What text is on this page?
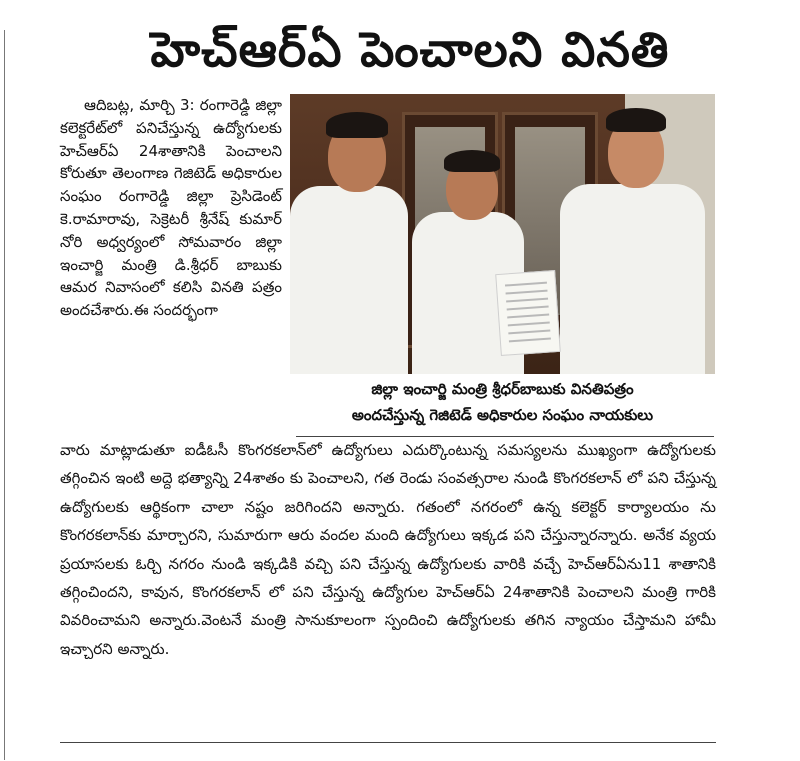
హెచ్ఆర్ఏ పెంచాలని వినతి

ఆదిబట్ల, మార్చి 3: రంగారెడ్డి జిల్లా కలెక్టరేట్‌లో పనిచేస్తున్న ఉద్యోగులకు హెచ్ఆర్ఏ 24శాతానికి పెంచాలని కోరుతూ తెలంగాణ గెజిటెడ్ అధికారుల సంఘం రంగారెడ్డి జిల్లా ప్రెసిడెంట్ కె.రామారావు, సెక్రెటరీ శ్రీనేష్ కుమార్ నోరి అధ్వర్యంలో సోమవారం జిల్లా ఇంచార్జి మంత్రి డి.శ్రీధర్ బాబుకు ఆమర నివాసంలో కలిసి వినతి పత్రం అందచేశారు.ఈ సందర్భంగా

జిల్లా ఇంచార్జి మంత్రి శ్రీధర్‌బాబుకు వినతిపత్రం
అందచేస్తున్న గెజిటెడ్ అధికారుల సంఘం నాయకులు

వారు మాట్లాడుతూ ఐడీఓసీ కొంగరకలాన్‌లో ఉద్యోగులు ఎదుర్కొంటున్న సమస్యలను ముఖ్యంగా ఉద్యోగులకు తగ్గించిన ఇంటి అద్దె భత్యాన్ని 24శాతం కు పెంచాలని, గత రెండు సంవత్సరాల నుండి కొంగరకలాన్ లో పని చేస్తున్న ఉద్యోగులకు ఆర్థికంగా చాలా నష్టం జరిగిందని అన్నారు. గతంలో నగరంలో ఉన్న కలెక్టర్ కార్యాలయం ను కొంగరకలాన్‌కు మార్చారని, సుమారుగా ఆరు వందల మంది ఉద్యోగులు ఇక్కడ పని చేస్తున్నారన్నారు. అనేక వ్యయ ప్రయాసలకు ఓర్చి నగరం నుండి ఇక్కడికి వచ్చి పని చేస్తున్న ఉద్యోగులకు వారికి వచ్చే హెచ్ఆర్ఏను11 శాతానికి తగ్గించిందని, కావున, కొంగరకలాన్ లో పని చేస్తున్న ఉద్యోగుల హెచ్ఆర్ఏ 24శాతానికి పెంచాలని మంత్రి గారికి వివరించామని అన్నారు.వెంటనే మంత్రి సానుకూలంగా స్పందించి ఉద్యోగులకు తగిన న్యాయం చేస్తామని హామీ ఇచ్చారని అన్నారు.
